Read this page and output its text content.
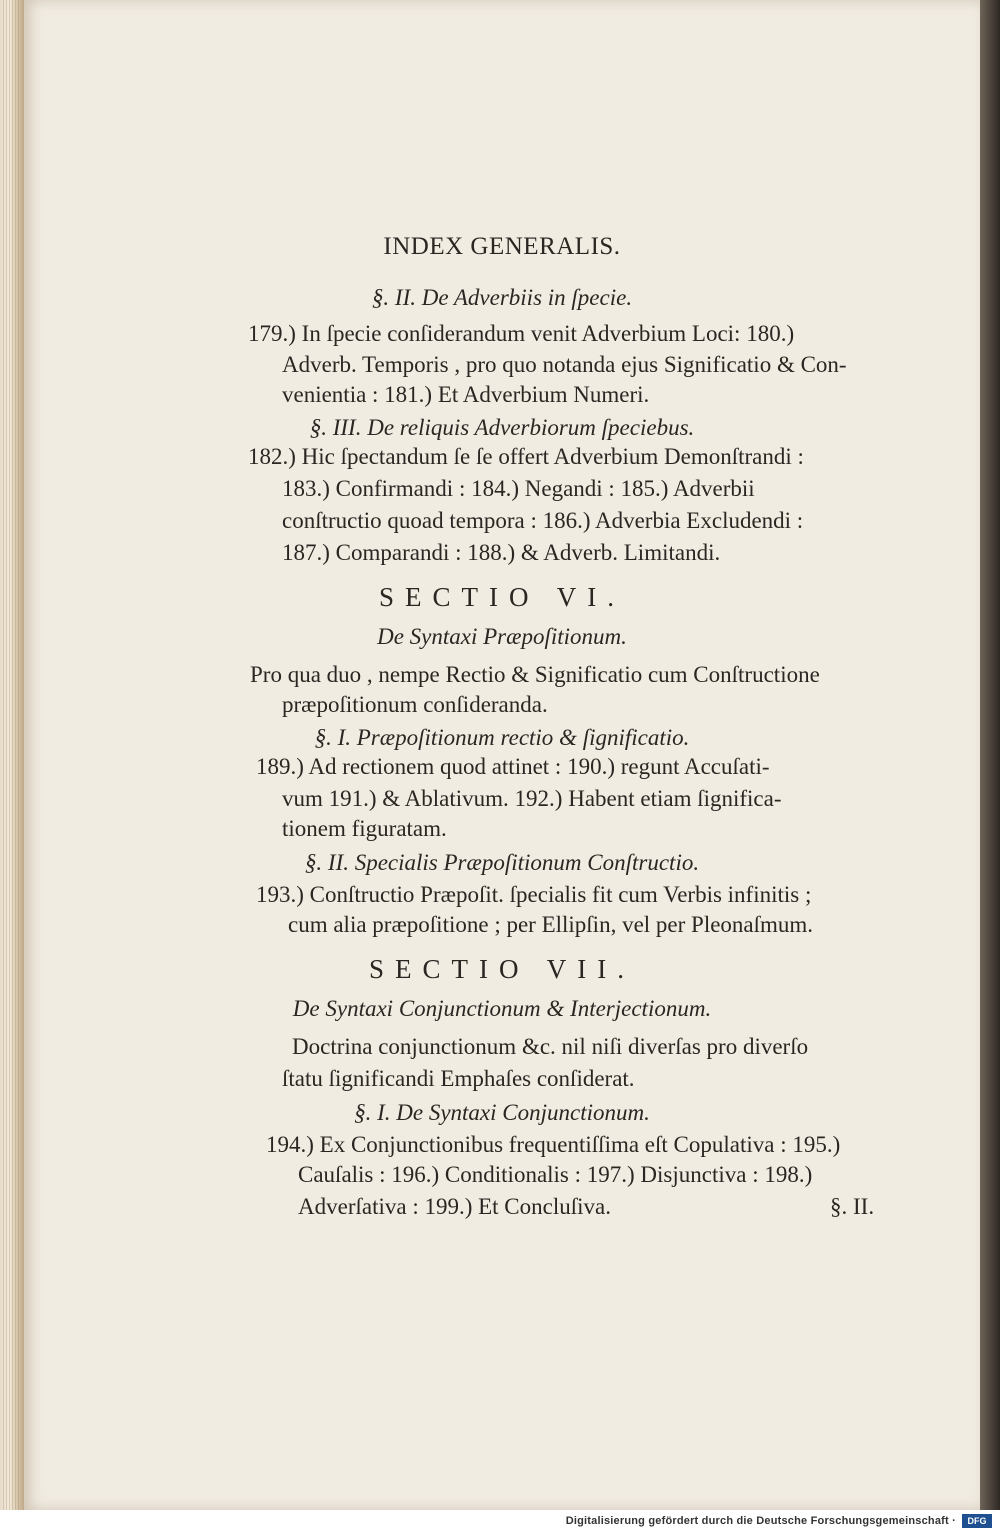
INDEX GENERALIS.
§. II. De Adverbiis in ſpecie.
179.) In ſpecie conſiderandum venit Adverbium Loci: 180.)
Adverb. Temporis , pro quo notanda ejus Significatio & Con-
venientia : 181.) Et Adverbium Numeri.
§. III. De reliquis Adverbiorum ſpeciebus.
182.) Hic ſpectandum ſe ſe offert Adverbium Demonſtrandi :
183.) Confirmandi : 184.) Negandi : 185.) Adverbii
conſtructio quoad tempora : 186.) Adverbia Excludendi :
187.) Comparandi : 188.) & Adverb. Limitandi.
SECTIO VI.
De Syntaxi Præpoſitionum.
Pro qua duo , nempe Rectio & Significatio cum Conſtructione
præpoſitionum conſideranda.
§. I. Præpoſitionum rectio & ſignificatio.
189.) Ad rectionem quod attinet : 190.) regunt Accuſati-
vum 191.) & Ablativum. 192.) Habent etiam ſignifica-
tionem figuratam.
§. II. Specialis Præpoſitionum Conſtructio.
193.) Conſtructio Præpoſit. ſpecialis fit cum Verbis infinitis ;
cum alia præpoſitione ; per Ellipſin, vel per Pleonaſmum.
SECTIO VII.
De Syntaxi Conjunctionum & Interjectionum.
Doctrina conjunctionum &c. nil niſi diverſas pro diverſo
ſtatu ſignificandi Emphaſes conſiderat.
§. I. De Syntaxi Conjunctionum.
194.) Ex Conjunctionibus frequentiſſima eſt Copulativa : 195.)
Cauſalis : 196.) Conditionalis : 197.) Disjunctiva : 198.)
Adverſativa : 199.) Et Concluſiva.	§. II.
Digitalisierung gefördert durch die Deutsche Forschungsgemeinschaft ·	DFG
